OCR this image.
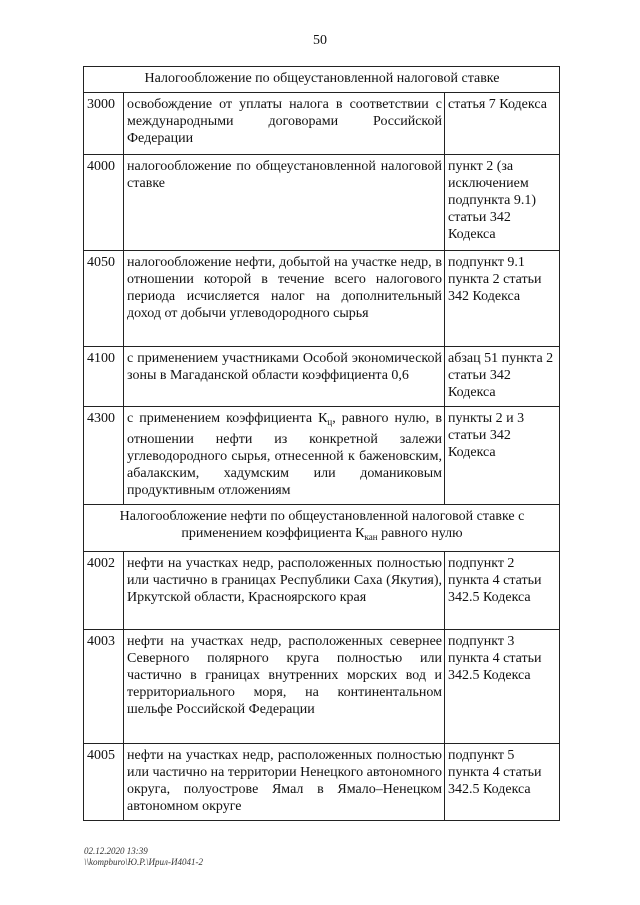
50
Налогообложение по общеустановленной налоговой ставке		
3000	освобождение от уплаты налога в соответствии с международными договорами Российской Федерации	статья 7 Кодекса
4000	налогообложение по общеустановленной налоговой ставке	пункт 2 (за исключением подпункта 9.1) статьи 342 Кодекса
4050	налогообложение нефти, добытой на участке недр, в отношении которой в течение всего налогового периода исчисляется налог на дополнительный доход от добычи углеводородного сырья	подпункт 9.1 пункта 2 статьи 342 Кодекса
4100	с применением участниками Особой экономической зоны в Магаданской области коэффициента 0,6	абзац 51 пункта 2 статьи 342 Кодекса
4300	с применением коэффициента $К_ц$, равного нулю, в отношении нефти из конкретной залежи углеводородного сырья, отнесенной к баженовским, абалакским, хадумским или доманиковым продуктивным отложениям	пункты 2 и 3 статьи 342 Кодекса
Налогообложение нефти по общеустановленной налоговой ставке с применением коэффициента $К_{кан}$ равного нулю		
4002	нефти на участках недр, расположенных полностью или частично в границах Республики Саха (Якутия), Иркутской области, Красноярского края	подпункт 2 пункта 4 статьи 342.5 Кодекса
4003	нефти на участках недр, расположенных севернее Северного полярного круга полностью или частично в границах внутренних морских вод и территориального моря, на континентальном шельфе Российской Федерации	подпункт 3 пункта 4 статьи 342.5 Кодекса
4005	нефти на участках недр, расположенных полностью или частично на территории Ненецкого автономного округа, полуострове Ямал в Ямало–Ненецком автономном округе	подпункт 5 пункта 4 статьи 342.5 Кодекса
02.12.2020 13:39
\\kompburo\Ю.Р.\Ирил-И4041-2
